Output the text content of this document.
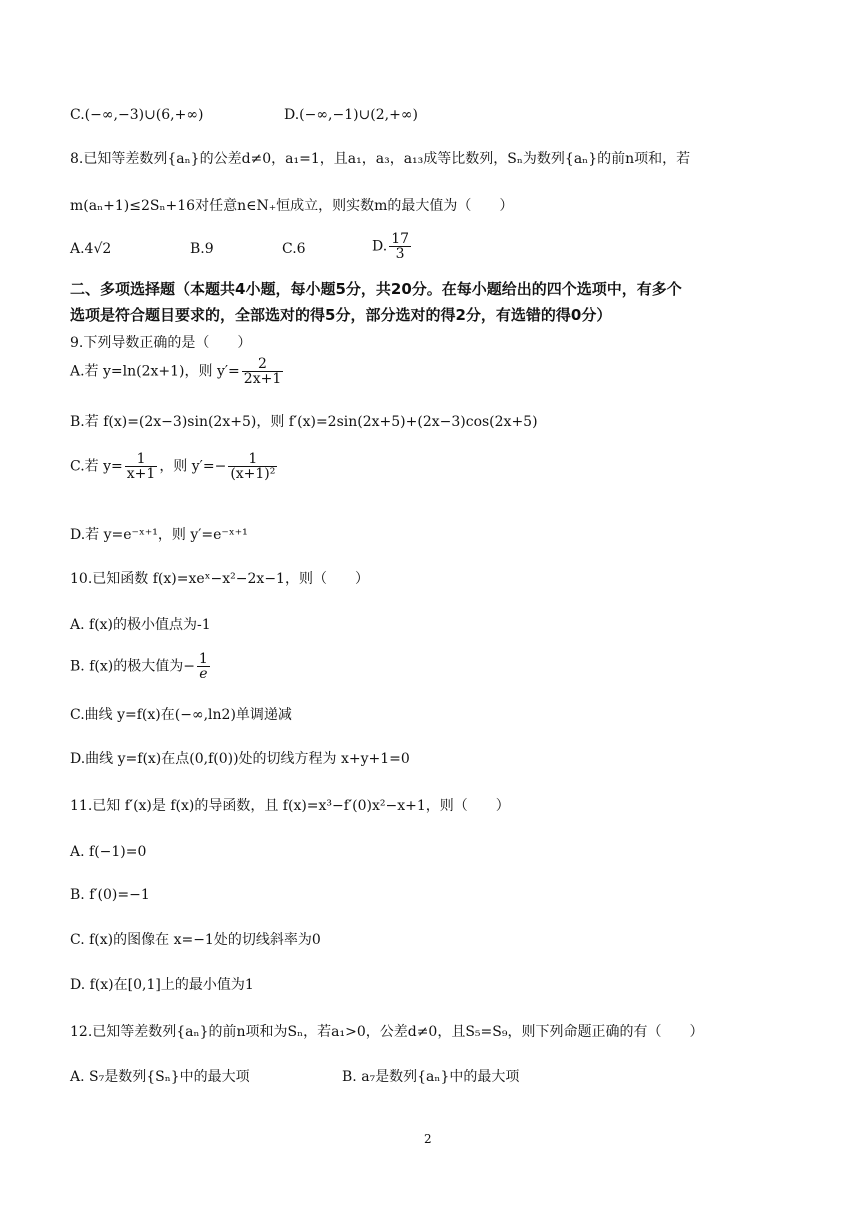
C.(−∞,−3)∪(6,+∞)	D.(−∞,−1)∪(2,+∞)
8.已知等差数列{aₙ}的公差d≠0，a₁=1，且a₁，a₃，a₁₃成等比数列，Sₙ为数列{aₙ}的前n项和，若
m(aₙ+1)≤2Sₙ+16对任意n∈N₊恒成立，则实数m的最大值为（　　）
A.4√2	B.9	C.6	D. $\frac{17}{3}$
二、多项选择题（本题共4小题，每小题5分，共20分。在每小题给出的四个选项中，有多个
选项是符合题目要求的，全部选对的得5分，部分选对的得2分，有选错的得0分）
9.下列导数正确的是（　　）
A.若 y=ln(2x+1)，则 $y'= \frac{2}{2x+1}$
B.若 f(x)=(2x−3)sin(2x+5)，则 f′(x)=2sin(2x+5)+(2x−3)cos(2x+5)
C.若 $y= \frac{1}{x+1}$ ，则 $y'=- \frac{1}{\text{(x+1)²}}$
D.若 y=e⁻ˣ⁺¹，则 y′=e⁻ˣ⁺¹
10.已知函数 f(x)=xeˣ−x²−2x−1，则（　　）
A. f(x)的极小值点为-1
B. f(x)的极大值为− $\frac{1}{e}$
C.曲线 y=f(x)在(−∞,ln2)单调递减
D.曲线 y=f(x)在点(0,f(0))处的切线方程为 x+y+1=0
11.已知 f′(x)是 f(x)的导函数，且 f(x)=x³−f′(0)x²−x+1，则（　　）
A. f(−1)=0
B. f′(0)=−1
C. f(x)的图像在 x=−1处的切线斜率为0
D. f(x)在[0,1]上的最小值为1
12.已知等差数列{aₙ}的前n项和为Sₙ，若a₁>0，公差d≠0，且S₅=S₉，则下列命题正确的有（　　）
A. S₇是数列{Sₙ}中的最大项	B. a₇是数列{aₙ}中的最大项
2
